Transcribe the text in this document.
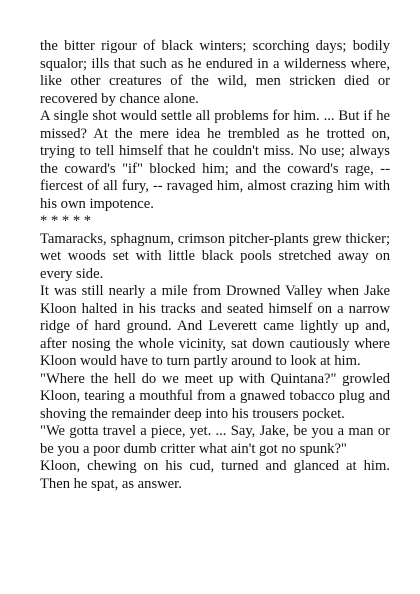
the bitter rigour of black winters; scorching days; bodily squalor; ills that such as he endured in a wilderness where, like other creatures of the wild, men stricken died or recovered by chance alone.

A single shot would settle all problems for him. ... But if he missed? At the mere idea he trembled as he trotted on, trying to tell himself that he couldn't miss. No use; always the coward's "if" blocked him; and the coward's rage, -- fiercest of all fury, -- ravaged him, almost crazing him with his own impotence.

* * * * *

Tamaracks, sphagnum, crimson pitcher-plants grew thicker; wet woods set with little black pools stretched away on every side.

It was still nearly a mile from Drowned Valley when Jake Kloon halted in his tracks and seated himself on a narrow ridge of hard ground. And Leverett came lightly up and, after nosing the whole vicinity, sat down cautiously where Kloon would have to turn partly around to look at him.

"Where the hell do we meet up with Quintana?" growled Kloon, tearing a mouthful from a gnawed tobacco plug and shoving the remainder deep into his trousers pocket.

"We gotta travel a piece, yet. ... Say, Jake, be you a man or be you a poor dumb critter what ain't got no spunk?"

Kloon, chewing on his cud, turned and glanced at him. Then he spat, as answer.
